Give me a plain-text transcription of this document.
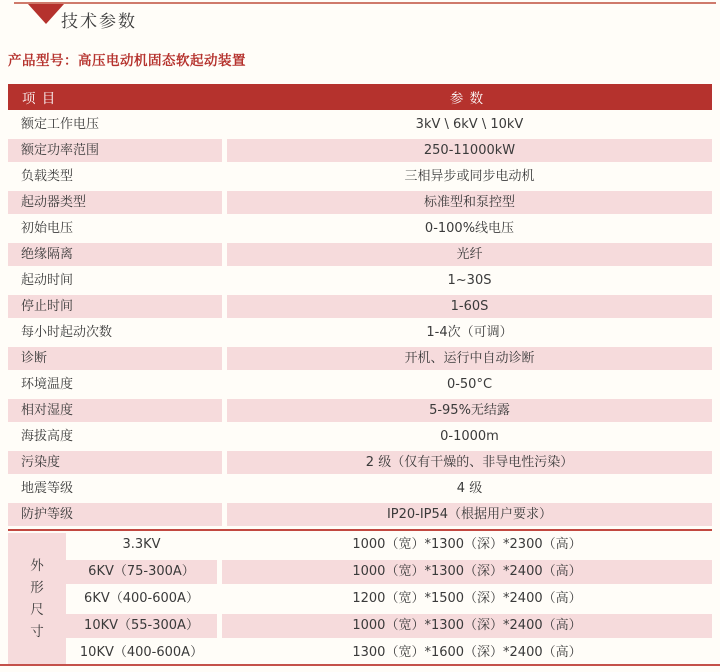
技术参数
产品型号：高压电动机固态软起动装置
项 目	参 数
额定工作电压	3kV \ 6kV \ 10kV
额定功率范围	250-11000kW
负载类型	三相异步或同步电动机
起动器类型	标准型和泵控型
初始电压	0-100%线电压
绝缘隔离	光纤
起动时间	1~30S
停止时间	1-60S
每小时起动次数	1-4次（可调）
诊断	开机、运行中自动诊断
环境温度	0-50°C
相对湿度	5-95%无结露
海拔高度	0-1000m
污染度	2 级（仅有干燥的、非导电性污染）
地震等级	4 级
防护等级	IP20-IP54（根据用户要求）
外
形
尺
寸
3.3KV	1000（宽）*1300（深）*2300（高）
6KV（75-300A）	1000（宽）*1300（深）*2400（高）
6KV（400-600A）	1200（宽）*1500（深）*2400（高）
10KV（55-300A）	1000（宽）*1300（深）*2400（高）
10KV（400-600A）	1300（宽）*1600（深）*2400（高）
